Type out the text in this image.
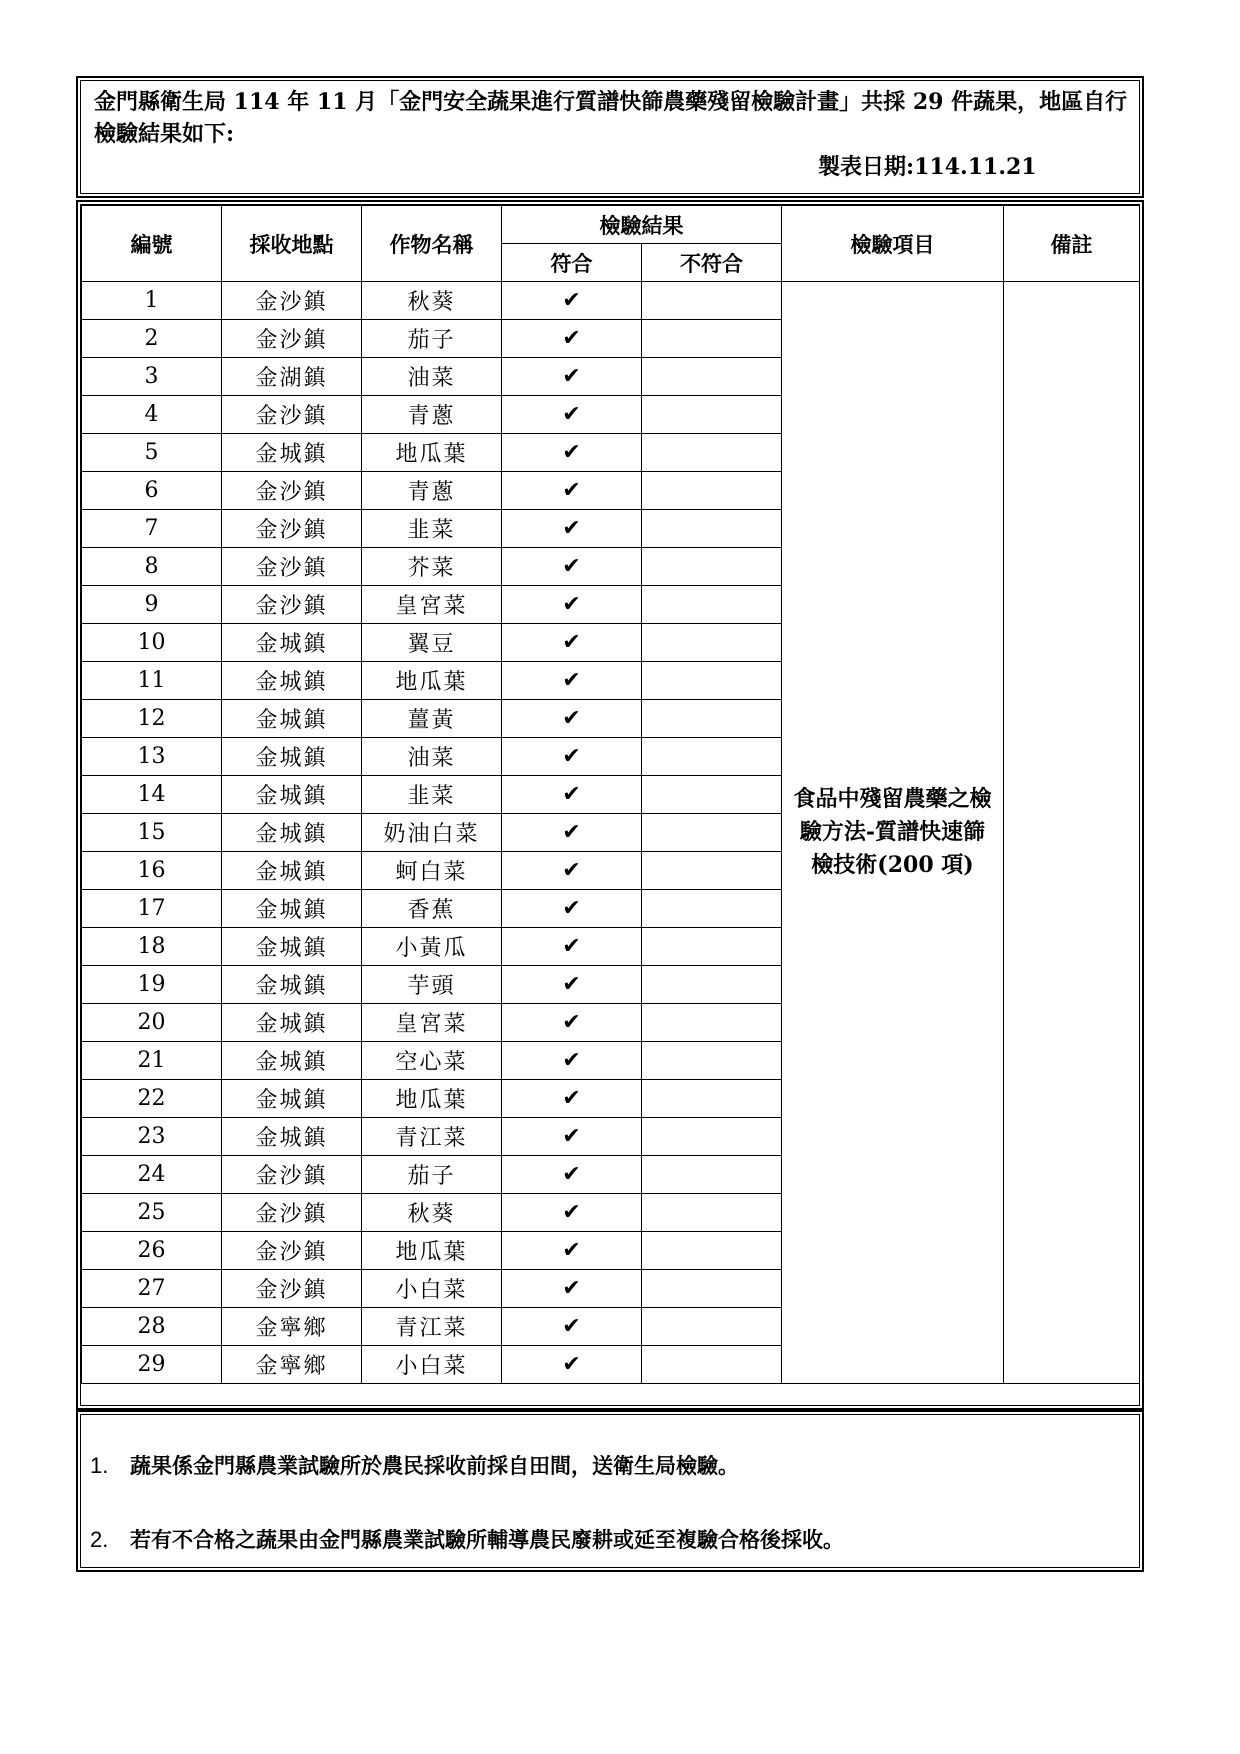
金門縣衛生局 114 年 11 月「金門安全蔬果進行質譜快篩農藥殘留檢驗計畫」共採 29 件蔬果，地區自行檢驗結果如下:
製表日期:114.11.21
編號	採收地點	作物名稱	檢驗結果		檢驗項目	備註
			符合	不符合		
1	金沙鎮	秋葵	✔		食品中殘留農藥之檢驗方法-質譜快速篩檢技術(200 項)	
2	金沙鎮	茄子	✔			
3	金湖鎮	油菜	✔			
4	金沙鎮	青蔥	✔			
5	金城鎮	地瓜葉	✔			
6	金沙鎮	青蔥	✔			
7	金沙鎮	韭菜	✔			
8	金沙鎮	芥菜	✔			
9	金沙鎮	皇宮菜	✔			
10	金城鎮	翼豆	✔			
11	金城鎮	地瓜葉	✔			
12	金城鎮	薑黃	✔			
13	金城鎮	油菜	✔			
14	金城鎮	韭菜	✔			
15	金城鎮	奶油白菜	✔			
16	金城鎮	蚵白菜	✔			
17	金城鎮	香蕉	✔			
18	金城鎮	小黃瓜	✔			
19	金城鎮	芋頭	✔			
20	金城鎮	皇宮菜	✔			
21	金城鎮	空心菜	✔			
22	金城鎮	地瓜葉	✔			
23	金城鎮	青江菜	✔			
24	金沙鎮	茄子	✔			
25	金沙鎮	秋葵	✔			
26	金沙鎮	地瓜葉	✔			
27	金沙鎮	小白菜	✔			
28	金寧鄉	青江菜	✔			
29	金寧鄉	小白菜	✔			
1. 蔬果係金門縣農業試驗所於農民採收前採自田間，送衛生局檢驗。
2. 若有不合格之蔬果由金門縣農業試驗所輔導農民廢耕或延至複驗合格後採收。
